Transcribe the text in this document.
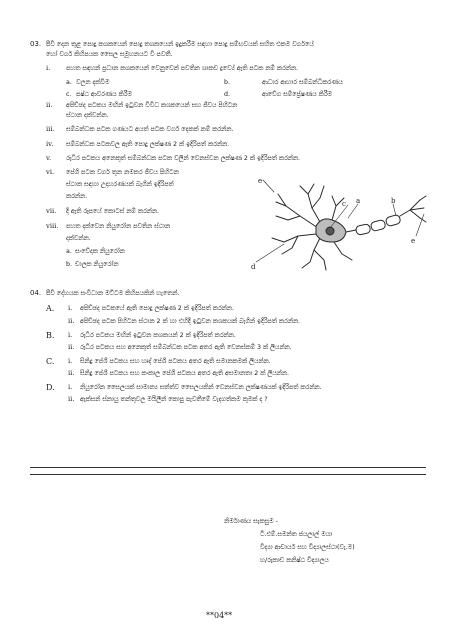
03. පීවී දෙන තුළ පොදු කශකයෙන් පොදු තශකයෙන් ඉදුකරීම සඳහා පොදු සම්භවයක් සහිත එකම වර්ගයේ
හෝ වර්ග කිහිපයක සෛල සමූහනයට වී පවතී.
i. පහත සඳහන් ප්‍රධාන කශකයෙන් වෙනුවෙන් පවතින ශාකච ද්‍රව්‍යේ ඇති පටක නම් කරන්න.
a. වලන දක්වීම	b.	ආධාර ආහාර සම්බන්ධීකරණය
c. පෂ්ඨ ආවරණය කිරීම	d.	ආවේග සම්ප්‍රේෂණය කිරීම
ii. අපිච්ඡද පටකය මඟින් ඉටුවන විවිධ කශකයෙන් සහ ජීවය පිහිටන
ස්ථාන දක්වන්න.
iii. සම්බන්ධක පටක ගණයට අයත් පටක වර්ග දෙකක් නම් කරන්න.
iv. සම්බන්ධක පටකවල ඇති පොදු ලක්ෂණ 2 ක් ඉදිරිපත් කරන්න.
v. රුධිර පටකය අනෙකුත් සම්බන්ධක පටක වලින් වෙනස්වන ලක්ෂණ 2 ක් ඉදිරිපත් කරන්න.
vi. පේශි පටක වර්ග තුන නමකර ජීවය පිහිටන
ස්ථාන සඳහා උදාහරණයක් බැගින් ඉදිරිපත්
කරන්න.
vii. දී ඇති රූපයේ කොටස් නම් කරන්න.
viii. පහත දක්වෙන නියුරෝන පවතින ස්ථාන
දක්වන්න.
a. සංවේදක නියුරෝන
b. චාලක නියුරෝන
e
a
c	b
d
e
04. පීවී දේහයක සංවිධාන මට්ටම කිහිපයකින් හැතෙන්.
A. i. අපිච්ඡද පටකයේ ඇති පොදු ලක්ෂණ 2 ක් ඉදිරිපත් කරන්න.
ii. අපිච්ඡද පටක පිහිටන ස්ථාන 2 ක් හා එහිදී ඉටුවන කශකයක් බැගින් ඉදිරිපත් කරන්න.
B. i. රුධිර පටකය මඟින් ඉටුවන කශකයන් 2 ක් ඉදිරිපත් කරන්න.
ii. රුධිර පටකය සහ අනෙකුත් සම්බන්ධක පටක අතර ඇති වෙනස්කම් 3 ක් ලියන්න.
C. i. සිනිදු පේශී පටකය සහ හෘද් පේශී පටකය අතර ඇති සමානකමක් ලියන්න.
ii. සිනිදු පේශී පටකය සහ කංකාල පේශී පටකය අතර ඇති අසමානතා 2 ක් ලියන්න.
D. i. නියුරෝන සෛලයක් සාමාන්‍ය සත්ත්ව සෛලයකින් වෙනස්වන ලක්ෂණයක් ඉදිරිපත් කරන්න.
ii. ඇක්සන් ස්නායු තන්තුවල මයිලීන් කොපු පැවතීමේ වැදගත්කම කුමක් ද ?
නිර්මාණය සැකසුම -
ටී.එම්.සමන්ත ජයලාල් මයා
විද්‍යා ආචාර්ය සහ විද්‍යාලස්ථා(වැ.ම)
හ/රුකාඩ කනිෂ්ඨ විද්‍යාලය
**04**
